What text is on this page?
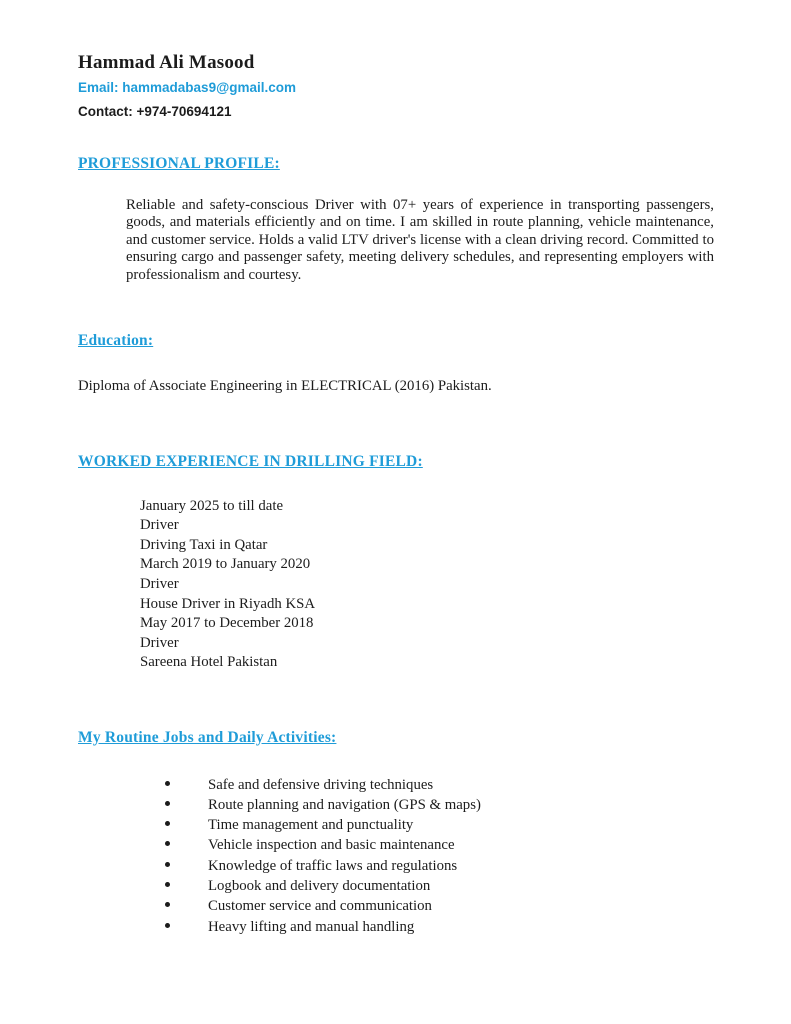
Hammad Ali Masood
Email: hammadabas9@gmail.com
Contact: +974-70694121
PROFESSIONAL PROFILE:

Reliable and safety-conscious Driver with 07+ years of experience in transporting passengers, goods, and materials efficiently and on time. I am skilled in route planning, vehicle maintenance, and customer service. Holds a valid LTV driver's license with a clean driving record. Committed to ensuring cargo and passenger safety, meeting delivery schedules, and representing employers with professionalism and courtesy.

Education:
Diploma of Associate Engineering in ELECTRICAL (2016) Pakistan.
WORKED EXPERIENCE IN DRILLING FIELD:
January 2025 to till date
Driver
Driving Taxi in Qatar
March 2019 to January 2020
Driver
House Driver in Riyadh KSA
May 2017 to December 2018
Driver
Sareena Hotel Pakistan
My Routine Jobs and Daily Activities:
Safe and defensive driving techniques
Route planning and navigation (GPS & maps)
Time management and punctuality
Vehicle inspection and basic maintenance
Knowledge of traffic laws and regulations
Logbook and delivery documentation
Customer service and communication
Heavy lifting and manual handling
